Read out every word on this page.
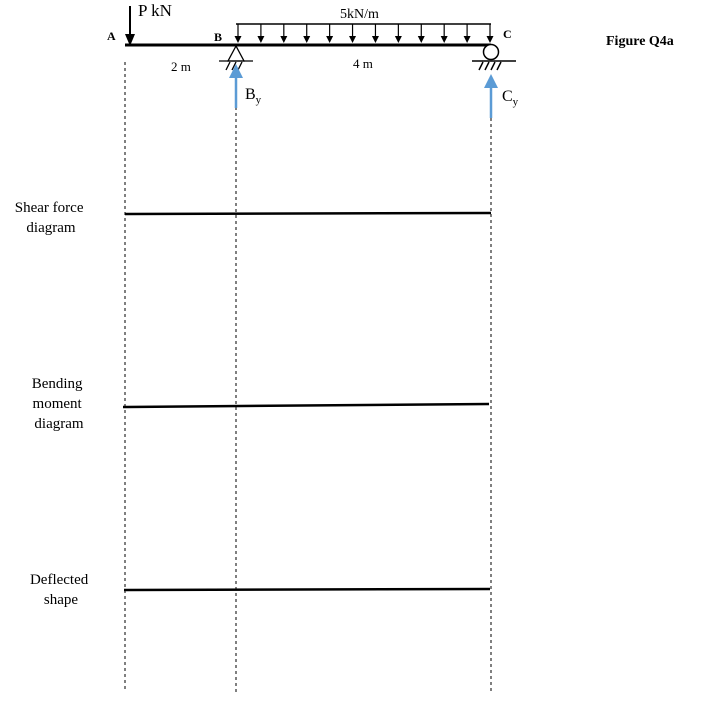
P kN	5kN/m
A	B	C
2 m	4 m
$B_y$	$C_y$
Figure Q4a
Shear force diagram
Bending moment diagram
Deflected shape
